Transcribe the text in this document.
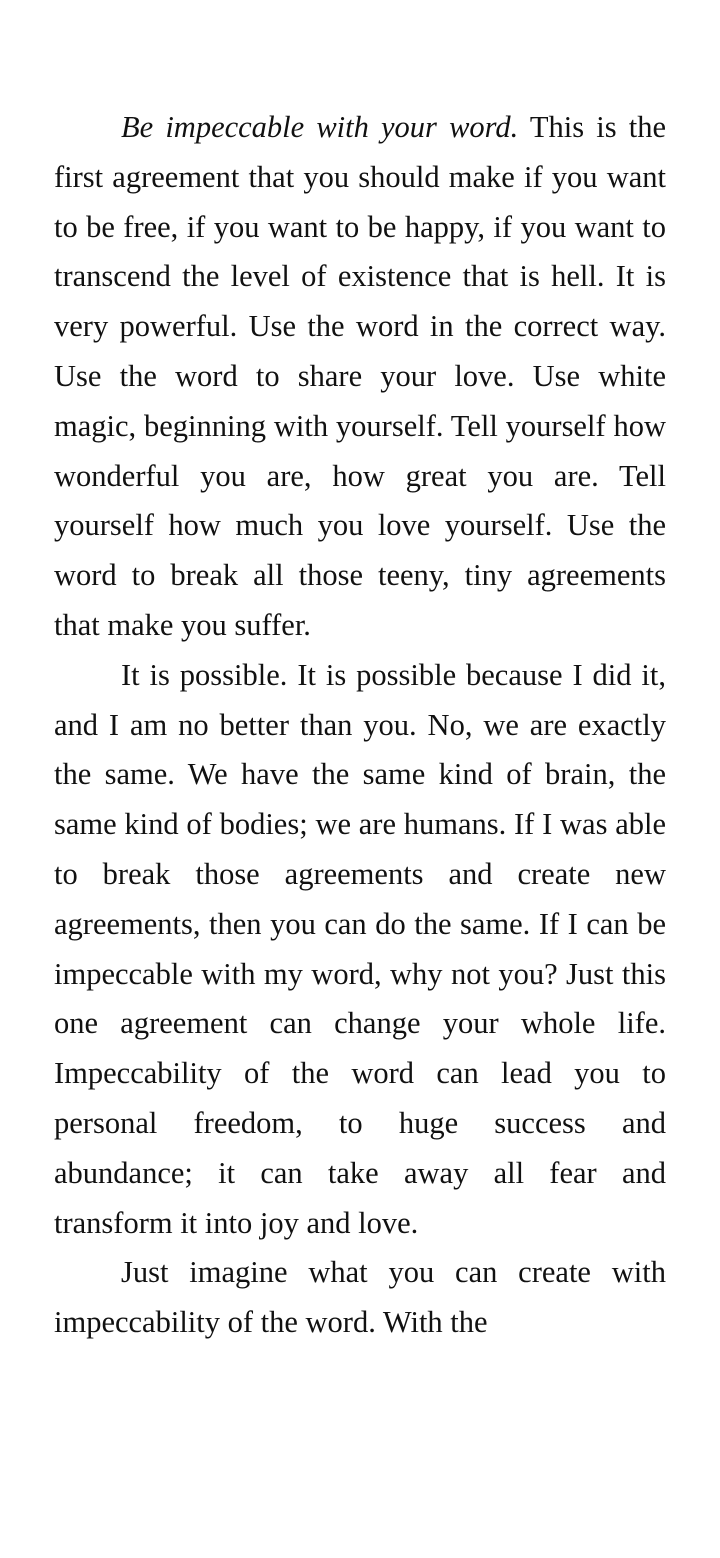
Be impeccable with your word. This is the first agreement that you should make if you want to be free, if you want to be happy, if you want to transcend the level of existence that is hell. It is very powerful. Use the word in the correct way. Use the word to share your love. Use white magic, beginning with yourself. Tell yourself how wonderful you are, how great you are. Tell yourself how much you love yourself. Use the word to break all those teeny, tiny agreements that make you suffer.

It is possible. It is possible because I did it, and I am no better than you. No, we are exactly the same. We have the same kind of brain, the same kind of bodies; we are humans. If I was able to break those agreements and create new agreements, then you can do the same. If I can be impeccable with my word, why not you? Just this one agreement can change your whole life. Impeccability of the word can lead you to personal freedom, to huge success and abundance; it can take away all fear and transform it into joy and love.

Just imagine what you can create with impeccability of the word. With the
